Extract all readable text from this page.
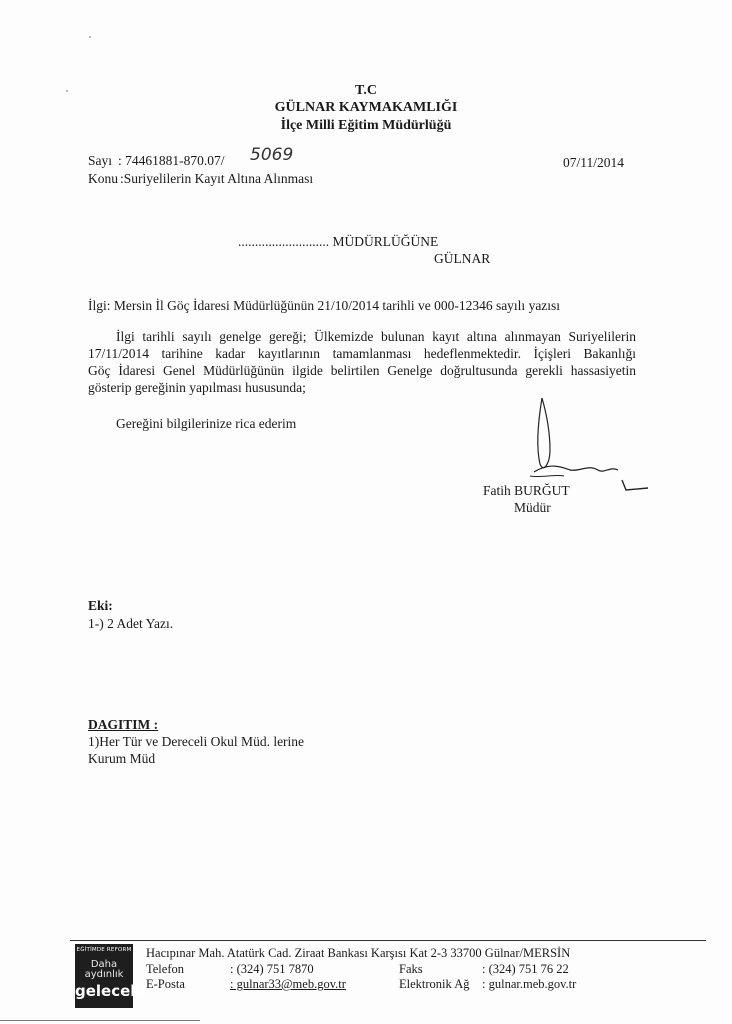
T.C
GÜLNAR KAYMAKAMLIĞI
İlçe Milli Eğitim Müdürlüğü
Sayı : 74461881-870.07/ 5069	07/11/2014
Konu :Suriyelilerin Kayıt Altına Alınması
........................... MÜDÜRLÜĞÜNE
GÜLNAR
İlgi: Mersin İl Göç İdaresi Müdürlüğünün 21/10/2014 tarihli ve 000-12346 sayılı yazısı
İlgi tarihli sayılı genelge gereği; Ülkemizde bulunan kayıt altına alınmayan Suriyelilerin
17/11/2014 tarihine kadar kayıtlarının tamamlanması hedeflenmektedir. İçişleri Bakanlığı
Göç İdaresi Genel Müdürlüğünün ilgide belirtilen Genelge doğrultusunda gerekli hassasiyetin
gösterip gereğinin yapılması hususunda;
Gereğini bilgilerinize rica ederim
Fatih BURĞUT
Müdür
Eki:
1-) 2 Adet Yazı.
DAGITIM :
1)Her Tür ve Dereceli Okul Müd. lerine
Kurum Müd
EĞİTİMDE REFORM
Daha aydınlık
gelecek!
Hacıpınar Mah. Atatürk Cad. Ziraat Bankası Karşısı Kat 2-3 33700 Gülnar/MERSİN
Telefon	: (324) 751 7870	Faks	: (324) 751 76 22
E-Posta	: gulnar33@meb.gov.tr	Elektronik Ağ : gulnar.meb.gov.tr
